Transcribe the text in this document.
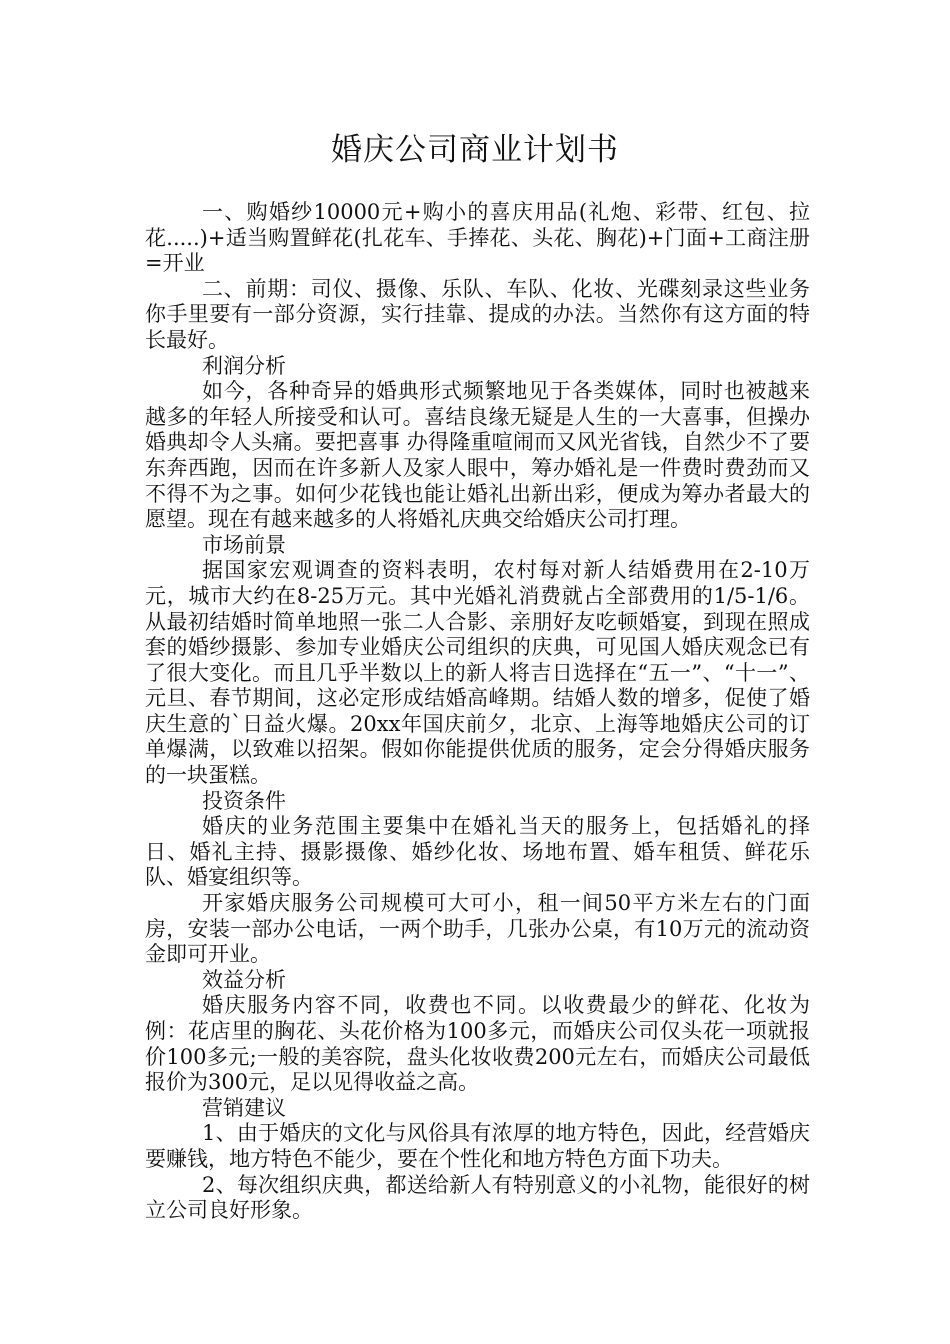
婚庆公司商业计划书

一、购婚纱10000元+购小的喜庆用品(礼炮、彩带、红包、拉花.....)+适当购置鲜花(扎花车、手捧花、头花、胸花)+门面+工商注册=开业

二、前期：司仪、摄像、乐队、车队、化妆、光碟刻录这些业务你手里要有一部分资源，实行挂靠、提成的办法。当然你有这方面的特长最好。

利润分析

如今，各种奇异的婚典形式频繁地见于各类媒体，同时也被越来越多的年轻人所接受和认可。喜结良缘无疑是人生的一大喜事，但操办婚典却令人头痛。要把喜事 办得隆重喧闹而又风光省钱，自然少不了要东奔西跑，因而在许多新人及家人眼中，筹办婚礼是一件费时费劲而又不得不为之事。如何少花钱也能让婚礼出新出彩，便成为筹办者最大的愿望。现在有越来越多的人将婚礼庆典交给婚庆公司打理。

市场前景

据国家宏观调查的资料表明，农村每对新人结婚费用在2-10万元，城市大约在8-25万元。其中光婚礼消费就占全部费用的1/5-1/6。从最初结婚时简单地照一张二人合影、亲朋好友吃顿婚宴，到现在照成套的婚纱摄影、参加专业婚庆公司组织的庆典，可见国人婚庆观念已有了很大变化。而且几乎半数以上的新人将吉日选择在“五一”、“十一”、元旦、春节期间，这必定形成结婚高峰期。结婚人数的增多，促使了婚庆生意的`日益火爆。20xx年国庆前夕，北京、上海等地婚庆公司的订单爆满，以致难以招架。假如你能提供优质的服务，定会分得婚庆服务的一块蛋糕。

投资条件

婚庆的业务范围主要集中在婚礼当天的服务上，包括婚礼的择日、婚礼主持、摄影摄像、婚纱化妆、场地布置、婚车租赁、鲜花乐队、婚宴组织等。

开家婚庆服务公司规模可大可小，租一间50平方米左右的门面房，安装一部办公电话，一两个助手，几张办公桌，有10万元的流动资金即可开业。

效益分析

婚庆服务内容不同，收费也不同。以收费最少的鲜花、化妆为例：花店里的胸花、头花价格为100多元，而婚庆公司仅头花一项就报价100多元;一般的美容院，盘头化妆收费200元左右，而婚庆公司最低报价为300元，足以见得收益之高。

营销建议

1、由于婚庆的文化与风俗具有浓厚的地方特色，因此，经营婚庆要赚钱，地方特色不能少，要在个性化和地方特色方面下功夫。

2、每次组织庆典，都送给新人有特别意义的小礼物，能很好的树立公司良好形象。
